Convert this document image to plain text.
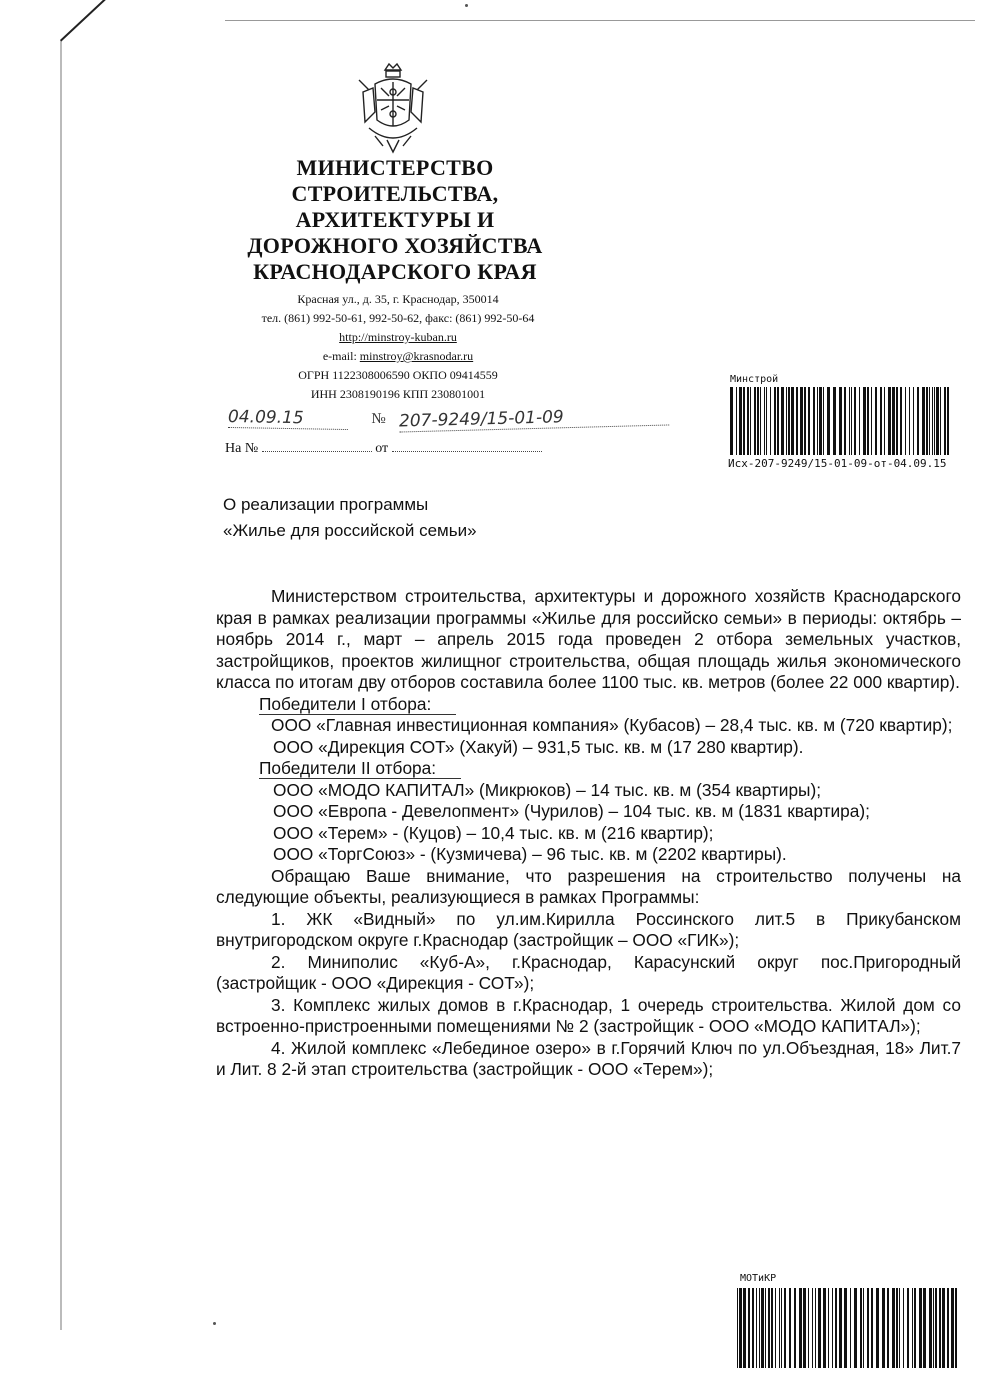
МИНИСТЕРСТВО
СТРОИТЕЛЬСТВА,
АРХИТЕКТУРЫ И
ДОРОЖНОГО ХОЗЯЙСТВА
КРАСНОДАРСКОГО КРАЯ
Красная ул., д. 35, г. Краснодар, 350014
тел. (861) 992-50-61, 992-50-62, факс: (861) 992-50-64
http://minstroy-kuban.ru
e-mail: minstroy@krasnodar.ru
ОГРН 1122308006590 ОКПО 09414559
ИНН 2308190196 КПП 230801001
04.09.15	№ 207-9249/15-01-09
На №	от
Минстрой
Исх-207-9249/15-01-09-от-04.09.15
О реализации программы
«Жилье для российской семьи»

Министерством строительства, архитектуры и дорожного хозяйств Краснодарского края в рамках реализации программы «Жилье для российско семьи» в периоды: октябрь – ноябрь 2014 г., март – апрель 2015 года проведен 2 отбора земельных участков, застройщиков, проектов жилищног строительства, общая площадь жилья экономического класса по итогам дву отборов составила более 1100 тыс. кв. метров (более 22 000 квартир).

Победители I отбора:

ООО «Главная инвестиционная компания» (Кубасов) – 28,4 тыс. кв. м (720 квартир);

ООО «Дирекция СОТ» (Хакуй) – 931,5 тыс. кв. м (17 280 квартир).

Победители II отбора:

ООО «МОДО КАПИТАЛ» (Микрюков) – 14 тыс. кв. м (354 квартиры);

ООО «Европа - Девелопмент» (Чурилов) – 104 тыс. кв. м (1831 квартира);

ООО «Терем» - (Куцов) – 10,4 тыс. кв. м (216 квартир);

ООО «ТоргСоюз» - (Кузмичева) – 96 тыс. кв. м (2202 квартиры).

Обращаю Ваше внимание, что разрешения на строительство получены на следующие объекты, реализующиеся в рамках Программы:

1. ЖК «Видный» по ул.им.Кирилла Россинского лит.5 в Прикубанском внутригородском округе г.Краснодар (застройщик – ООО «ГИК»);

2. Миниполис «Куб-А», г.Краснодар, Карасунский округ пос.Пригородный (застройщик - ООО «Дирекция - СОТ»);

3. Комплекс жилых домов в г.Краснодар, 1 очередь строительства. Жилой дом со встроенно-пристроенными помещениями № 2 (застройщик - ООО «МОДО КАПИТАЛ»);

4. Жилой комплекс «Лебединое озеро» в г.Горячий Ключ по ул.Объездная, 18» Лит.7 и Лит. 8 2-й этап строительства (застройщик - ООО «Терем»);

МОТиКР
